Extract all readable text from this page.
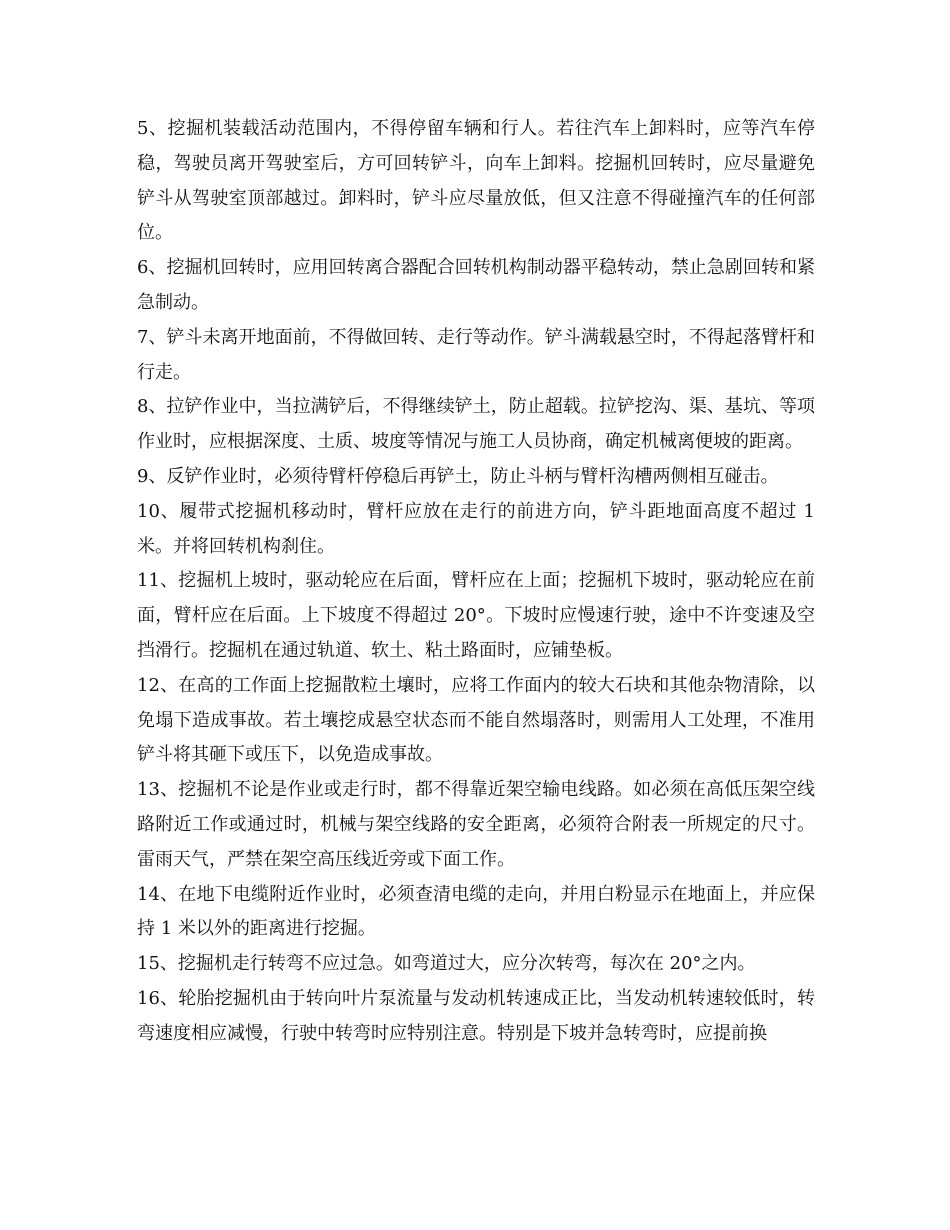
5、挖掘机装载活动范围内，不得停留车辆和行人。若往汽车上卸料时，应等汽车停稳，驾驶员离开驾驶室后，方可回转铲斗，向车上卸料。挖掘机回转时，应尽量避免铲斗从驾驶室顶部越过。卸料时，铲斗应尽量放低，但又注意不得碰撞汽车的任何部位。

6、挖掘机回转时，应用回转离合器配合回转机构制动器平稳转动，禁止急剧回转和紧急制动。

7、铲斗未离开地面前，不得做回转、走行等动作。铲斗满载悬空时，不得起落臂杆和行走。

8、拉铲作业中，当拉满铲后，不得继续铲土，防止超载。拉铲挖沟、渠、基坑、等项作业时，应根据深度、土质、坡度等情况与施工人员协商，确定机械离便坡的距离。

9、反铲作业时，必须待臂杆停稳后再铲土，防止斗柄与臂杆沟槽两侧相互碰击。

10、履带式挖掘机移动时，臂杆应放在走行的前进方向，铲斗距地面高度不超过 1 米。并将回转机构刹住。

11、挖掘机上坡时，驱动轮应在后面，臂杆应在上面；挖掘机下坡时，驱动轮应在前面，臂杆应在后面。上下坡度不得超过 20°。下坡时应慢速行驶，途中不许变速及空挡滑行。挖掘机在通过轨道、软土、粘土路面时，应铺垫板。

12、在高的工作面上挖掘散粒土壤时，应将工作面内的较大石块和其他杂物清除，以免塌下造成事故。若土壤挖成悬空状态而不能自然塌落时，则需用人工处理，不准用铲斗将其砸下或压下，以免造成事故。

13、挖掘机不论是作业或走行时，都不得靠近架空输电线路。如必须在高低压架空线路附近工作或通过时，机械与架空线路的安全距离，必须符合附表一所规定的尺寸。雷雨天气，严禁在架空高压线近旁或下面工作。

14、在地下电缆附近作业时，必须查清电缆的走向，并用白粉显示在地面上，并应保持 1 米以外的距离进行挖掘。

15、挖掘机走行转弯不应过急。如弯道过大，应分次转弯，每次在 20°之内。

16、轮胎挖掘机由于转向叶片泵流量与发动机转速成正比，当发动机转速较低时，转弯速度相应减慢，行驶中转弯时应特别注意。特别是下坡并急转弯时，应提前换
